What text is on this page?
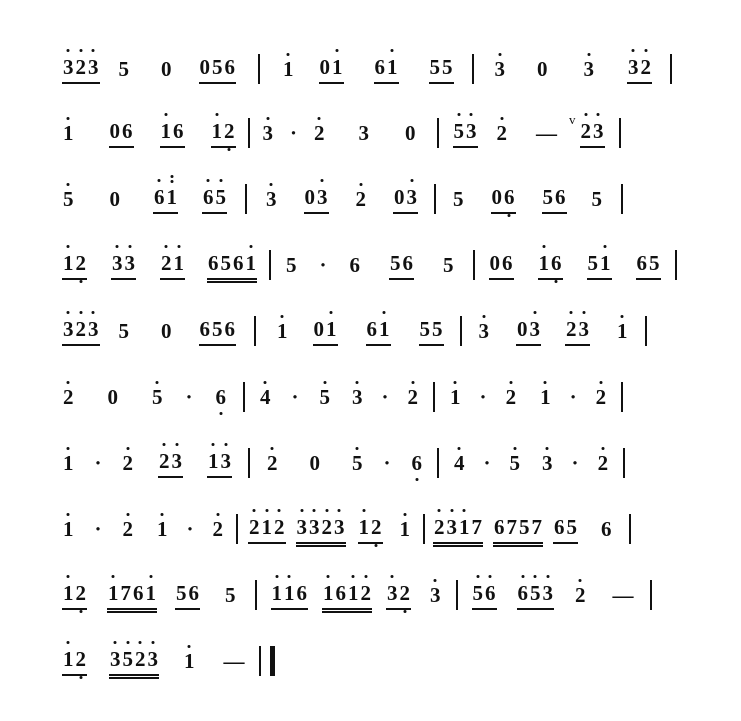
3 2 3 5 0 0 5 6 1 0 1 6 1 5 5 3 0 3 3 2
1 0 6 1 6 1 2 3 · 2 3 0 5 3 2 —
v 2 3
5 0 6 1 6 5 3 0 3 2 0 3 5 0 6 5 6 5
1 2 3 3 2 1 6 5 6 1 5 · 6 5 6 5 0 6 1 6 5 1 6 5
3 2 3 5 0 6 5 6 1 0 1 6 1 5 5 3 0 3 2 3 1
2 0 5 · 6 4 · 5 3 · 2 1 · 2 1 · 2
1 · 2 2 3 1 3 2 0 5 · 6 4 · 5 3 · 2
1 · 2 1 · 2 2 1 2 3 3 2 3 1 2 1 2 3 1 7 6 7 5 7 6 5 6
1 2 1 7 6 1 5 6 5 1 1 6 1 6 1 2 3 2 3 5 6 6 5 3 2 —
1 2 3 5 2 3 1 —
